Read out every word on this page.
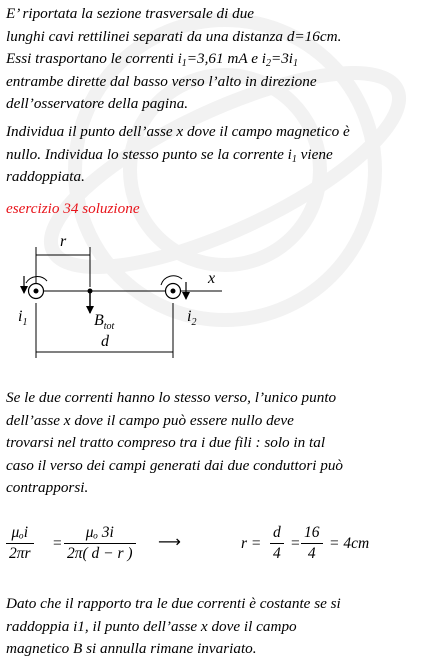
E’ riportata la sezione trasversale di due
lunghi cavi rettilinei separati da una distanza d=16cm.
Essi trasportano le correnti $i_1=3,61$ mA e $i_2=3i_1$
entrambe dirette dal basso verso l’alto in direzione
dell’osservatore della pagina.

Individua il punto dell’asse x dove il campo magnetico è
nullo. Individua lo stesso punto se la corrente $i_1$ viene
raddoppiata.

esercizio 34 soluzione

r
x
$i_1$	$i_2$
$B_{tot}$
d

Se le due correnti hanno lo stesso verso, l’unico punto
dell’asse x dove il campo può essere nullo deve
trovarsi nel tratto compreso tra i due fili : solo in tal
caso il verso dei campi generati dai due conduttori può
contrapporsi.

μₒi
2πr
=
μₒ 3i
2π( d − r )
⟶	r =
d
4
=
16
4
= 4cm

Dato che il rapporto tra le due correnti è costante se si
raddoppia i1, il punto dell’asse x dove il campo
magnetico B si annulla rimane invariato.
